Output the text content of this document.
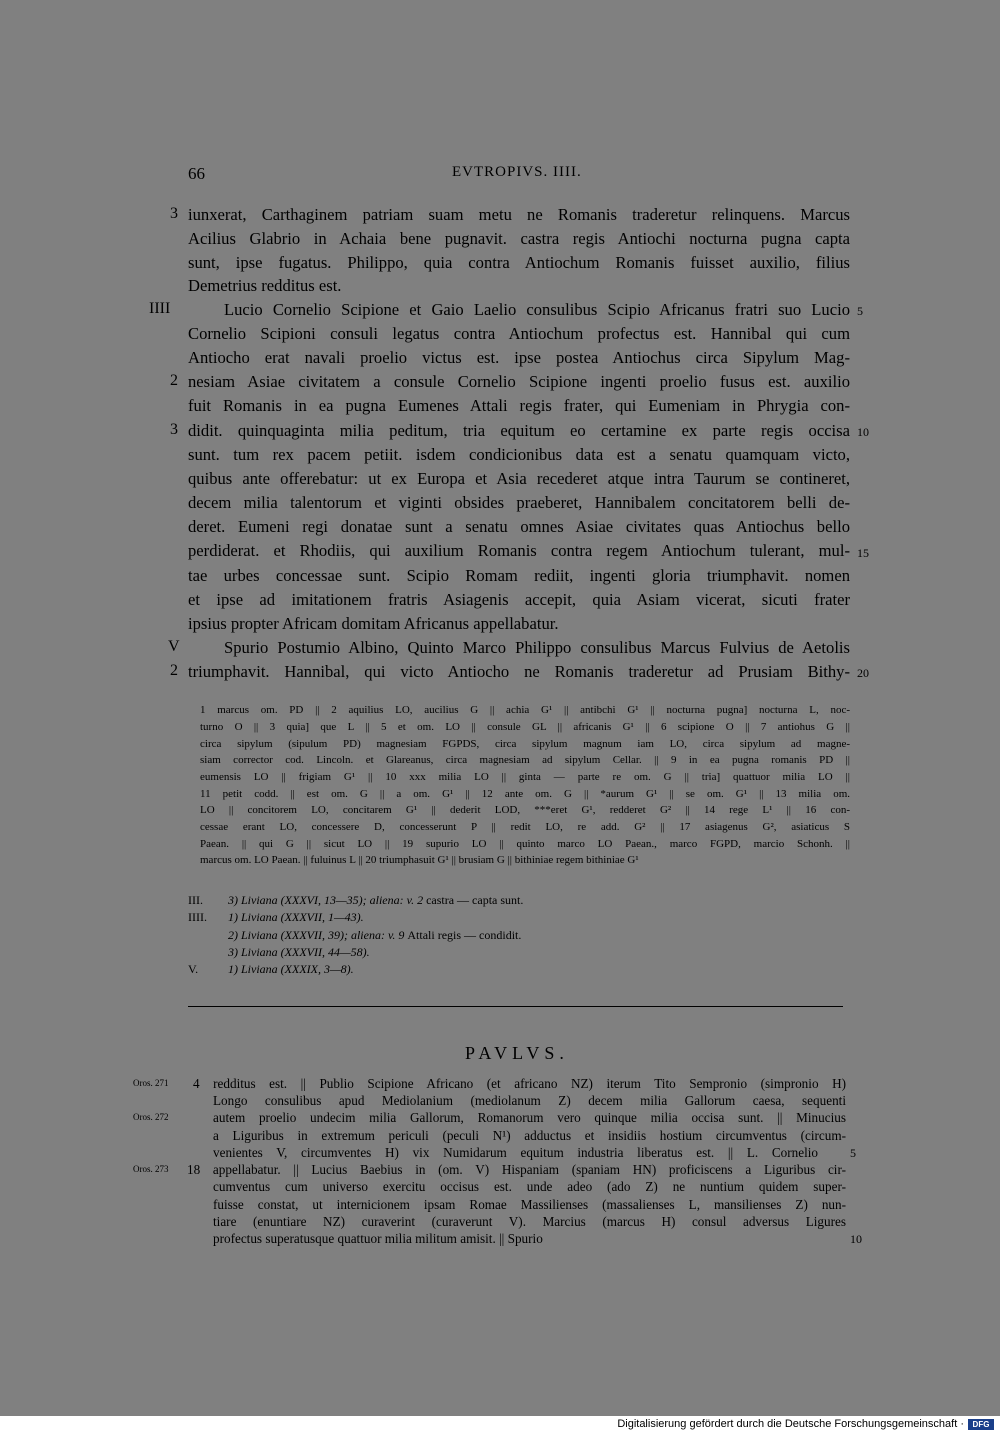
66	EVTROPIVS. IIII.
iunxerat, Carthaginem patriam suam metu ne Romanis traderetur relinquens. Marcus
Acilius Glabrio in Achaia bene pugnavit. castra regis Antiochi nocturna pugna capta
sunt, ipse fugatus. Philippo, quia contra Antiochum Romanis fuisset auxilio, filius
Demetrius redditus est.
Lucio Cornelio Scipione et Gaio Laelio consulibus Scipio Africanus fratri suo Lucio
Cornelio Scipioni consuli legatus contra Antiochum profectus est. Hannibal qui cum
Antiocho erat navali proelio victus est. ipse postea Antiochus circa Sipylum Mag-
nesiam Asiae civitatem a consule Cornelio Scipione ingenti proelio fusus est. auxilio
fuit Romanis in ea pugna Eumenes Attali regis frater, qui Eumeniam in Phrygia con-
didit. quinquaginta milia peditum, tria equitum eo certamine ex parte regis occisa
sunt. tum rex pacem petiit. isdem condicionibus data est a senatu quamquam victo,
quibus ante offerebatur: ut ex Europa et Asia recederet atque intra Taurum se contineret,
decem milia talentorum et viginti obsides praeberet, Hannibalem concitatorem belli de-
deret. Eumeni regi donatae sunt a senatu omnes Asiae civitates quas Antiochus bello
perdiderat. et Rhodiis, qui auxilium Romanis contra regem Antiochum tulerant, mul-
tae urbes concessae sunt. Scipio Romam rediit, ingenti gloria triumphavit. nomen
et ipse ad imitationem fratris Asiagenis accepit, quia Asiam vicerat, sicuti frater
ipsius propter Africam domitam Africanus appellabatur.
Spurio Postumio Albino, Quinto Marco Philippo consulibus Marcus Fulvius de Aetolis
triumphavit. Hannibal, qui victo Antiocho ne Romanis traderetur ad Prusiam Bithy-
3
IIII
2
3
V
2
5
10
15
20
1 marcus om. PD || 2 aquilius LO, aucilius G || achia G¹ || antibchi G¹ || nocturna pugna] nocturna L, noc-
turno O || 3 quia] que L || 5 et om. LO || consule GL || africanis G¹ || 6 scipione O || 7 antiohus G ||
circa sipylum (sipulum PD) magnesiam FGPDS, circa sipylum magnum iam LO, circa sipylum ad magne-
siam corrector cod. Lincoln. et Glareanus, circa magnesiam ad sipylum Cellar. || 9 in ea pugna romanis PD ||
eumensis LO || frigiam G¹ || 10 xxx milia LO || ginta — parte re om. G || tria] quattuor milia LO ||
11 petit codd. || est om. G || a om. G¹ || 12 ante om. G || *aurum G¹ || se om. G¹ || 13 milia om.
LO || concitorem LO, concitarem G¹ || dederit LOD, ***eret G¹, redderet G² || 14 rege L¹ || 16 con-
cessae erant LO, concessere D, concesserunt P || redit LO, re add. G² || 17 asiagenus G², asiaticus S
Paean. || qui G || sicut LO || 19 supurio LO || quinto marco LO Paean., marco FGPD, marcio Schonh. ||
marcus om. LO Paean. || fuluinus L || 20 triumphasuit G¹ || brusiam G || bithiniae regem bithiniae G¹
III. 3) Liviana (XXXVI, 13—35); aliena: v. 2 castra — capta sunt.
IIII. 1) Liviana (XXXVII, 1—43).
2) Liviana (XXXVII, 39); aliena: v. 9 Attali regis — condidit.
3) Liviana (XXXVII, 44—58).
V. 1) Liviana (XXXIX, 3—8).
PAVLVS.
Oros. 271
Oros. 272
Oros. 273
4 redditus est. || Publio Scipione Africano (et africano NZ) iterum Tito Sempronio (simpronio H)
Longo consulibus apud Mediolanium (mediolanum Z) decem milia Gallorum caesa, sequenti
autem proelio undecim milia Gallorum, Romanorum vero quinque milia occisa sunt. || Minucius
a Liguribus in extremum periculi (peculi N¹) adductus et insidiis hostium circumventus (circum-
venientes V, circumventes H) vix Numidarum equitum industria liberatus est. || L. Cornelio
18 appellabatur. || Lucius Baebius in (om. V) Hispaniam (spaniam HN) proficiscens a Liguribus cir-
cumventus cum universo exercitu occisus est. unde adeo (ado Z) ne nuntium quidem super-
fuisse constat, ut internicionem ipsam Romae Massilienses (massalienses L, mansilienses Z) nun-
tiare (enuntiare NZ) curaverint (curaverunt V). Marcius (marcus H) consul adversus Ligures
profectus superatusque quattuor milia militum amisit. || Spurio
5
10
Digitalisierung gefördert durch die Deutsche Forschungsgemeinschaft ·	DFG
